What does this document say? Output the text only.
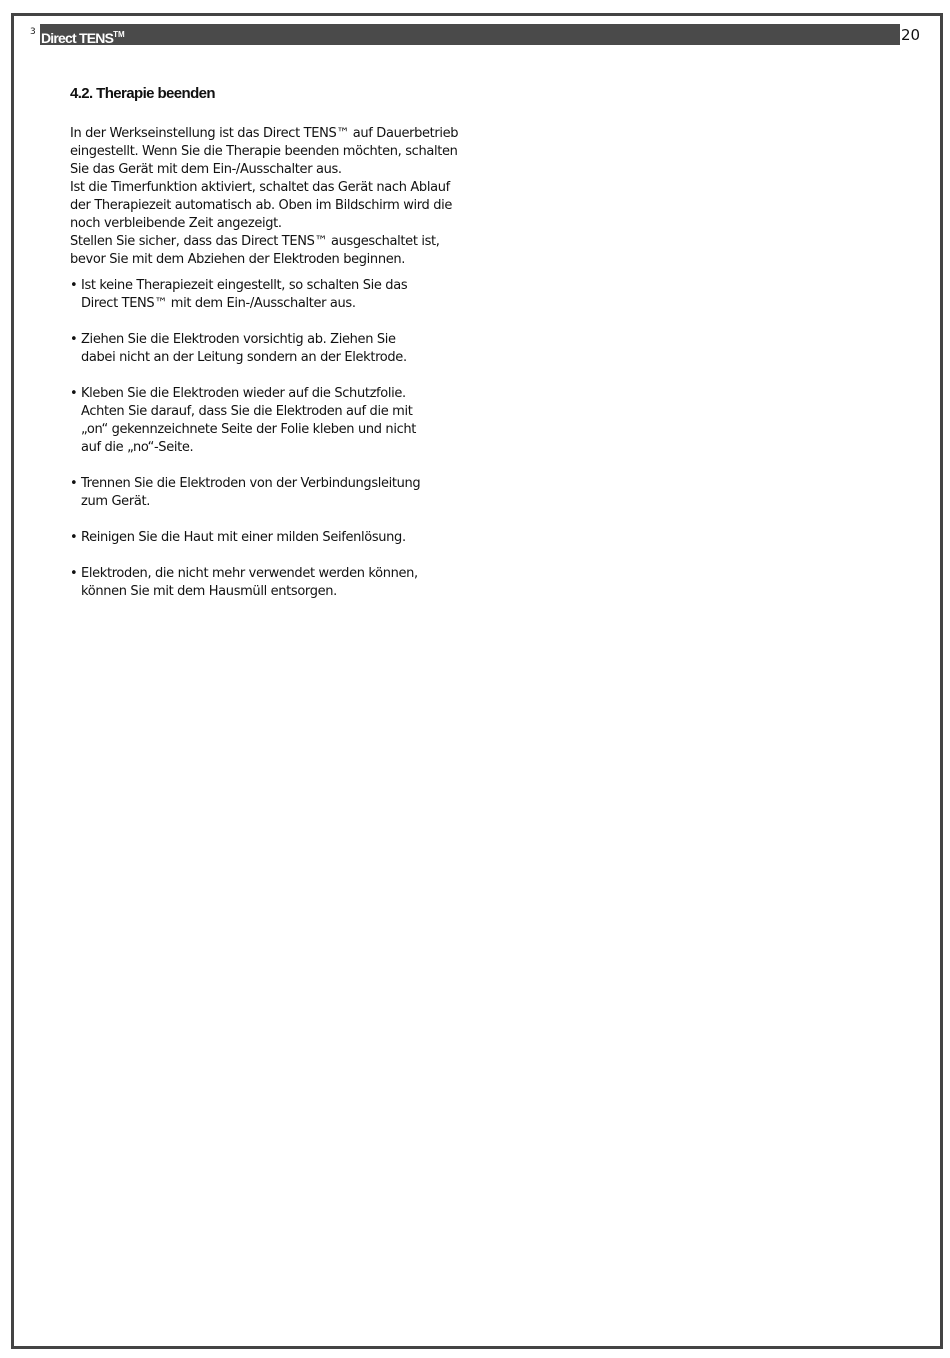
3 Direct TENS™	20
4.2. Therapie beenden

In der Werkseinstellung ist das Direct TENS™ auf Dauerbetrieb
eingestellt. Wenn Sie die Therapie beenden möchten, schalten
Sie das Gerät mit dem Ein-/Ausschalter aus.
Ist die Timerfunktion aktiviert, schaltet das Gerät nach Ablauf
der Therapiezeit automatisch ab. Oben im Bildschirm wird die
noch verbleibende Zeit angezeigt.
Stellen Sie sicher, dass das Direct TENS™ ausgeschaltet ist,
bevor Sie mit dem Abziehen der Elektroden beginnen.

• Ist keine Therapiezeit eingestellt, so schalten Sie das
Direct TENS™ mit dem Ein-/Ausschalter aus.
• Ziehen Sie die Elektroden vorsichtig ab. Ziehen Sie
dabei nicht an der Leitung sondern an der Elektrode.
• Kleben Sie die Elektroden wieder auf die Schutzfolie.
Achten Sie darauf, dass Sie die Elektroden auf die mit
„on“ gekennzeichnete Seite der Folie kleben und nicht
auf die „no“-Seite.
• Trennen Sie die Elektroden von der Verbindungsleitung
zum Gerät.
• Reinigen Sie die Haut mit einer milden Seifenlösung.
• Elektroden, die nicht mehr verwendet werden können,
können Sie mit dem Hausmüll entsorgen.
